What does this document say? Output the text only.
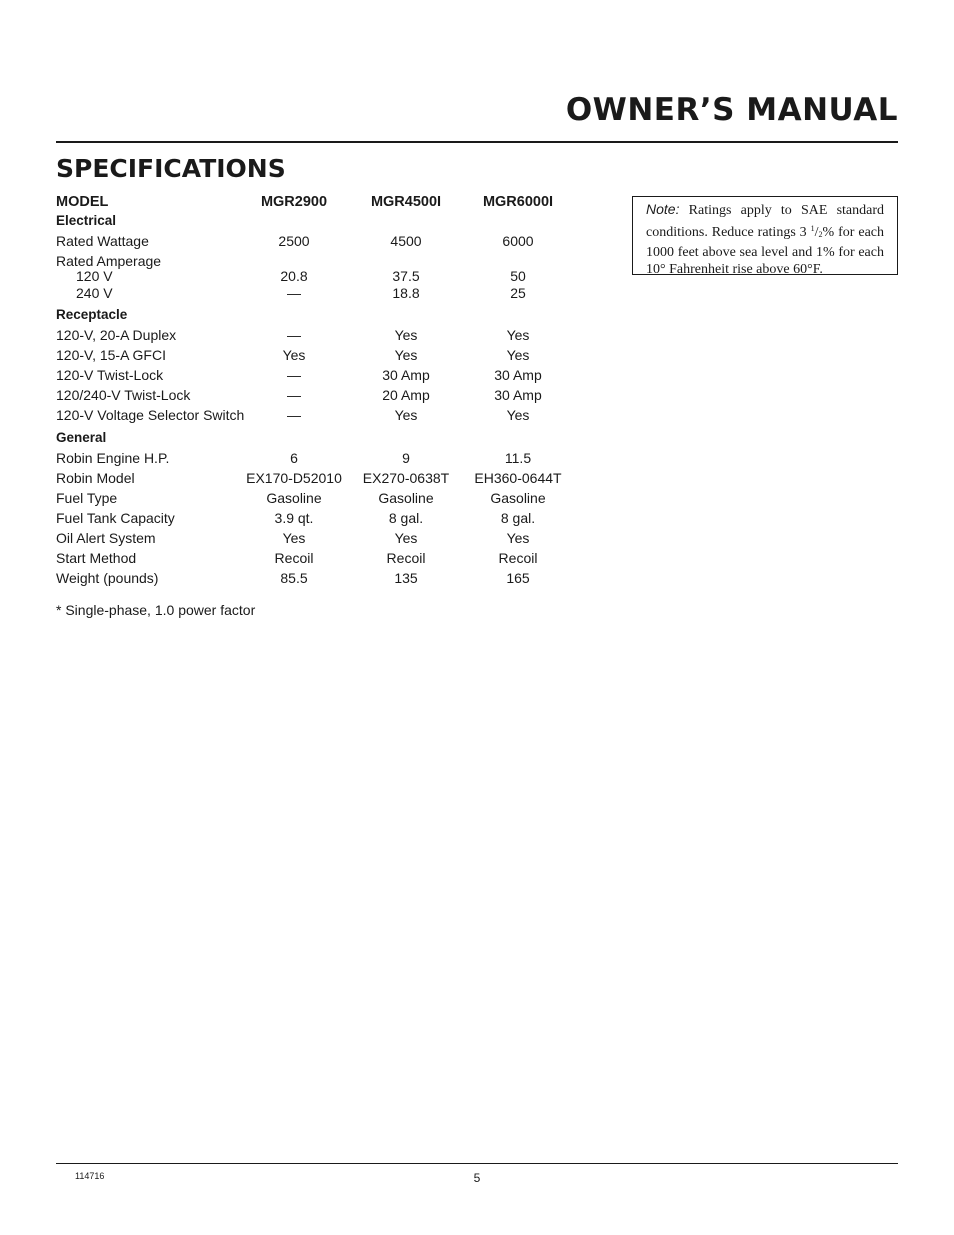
OWNER’S MANUAL
SPECIFICATIONS
MODEL	MGR2900	MGR4500I	MGR6000I
Electrical
Rated Wattage	2500	4500	6000
Rated Amperage
120 V	20.8	37.5	50
240 V	—	18.8	25
Receptacle
120-V, 20-A Duplex	—	Yes	Yes
120-V, 15-A GFCI	Yes	Yes	Yes
120-V Twist-Lock	—	30 Amp	30 Amp
120/240-V Twist-Lock	—	20 Amp	30 Amp
120-V Voltage Selector Switch	—	Yes	Yes
General
Robin Engine H.P.	6	9	11.5
Robin Model	EX170-D52010	EX270-0638T	EH360-0644T
Fuel Type	Gasoline	Gasoline	Gasoline
Fuel Tank Capacity	3.9 qt.	8 gal.	8 gal.
Oil Alert System	Yes	Yes	Yes
Start Method	Recoil	Recoil	Recoil
Weight (pounds)	85.5	135	165
* Single-phase, 1.0 power factor
Note: Ratings apply to SAE standard conditions. Reduce ratings 3 $^1/_2\%$ for each 1000 feet above sea level and 1% for each 10° Fahrenheit rise above 60°F.
114716	5
